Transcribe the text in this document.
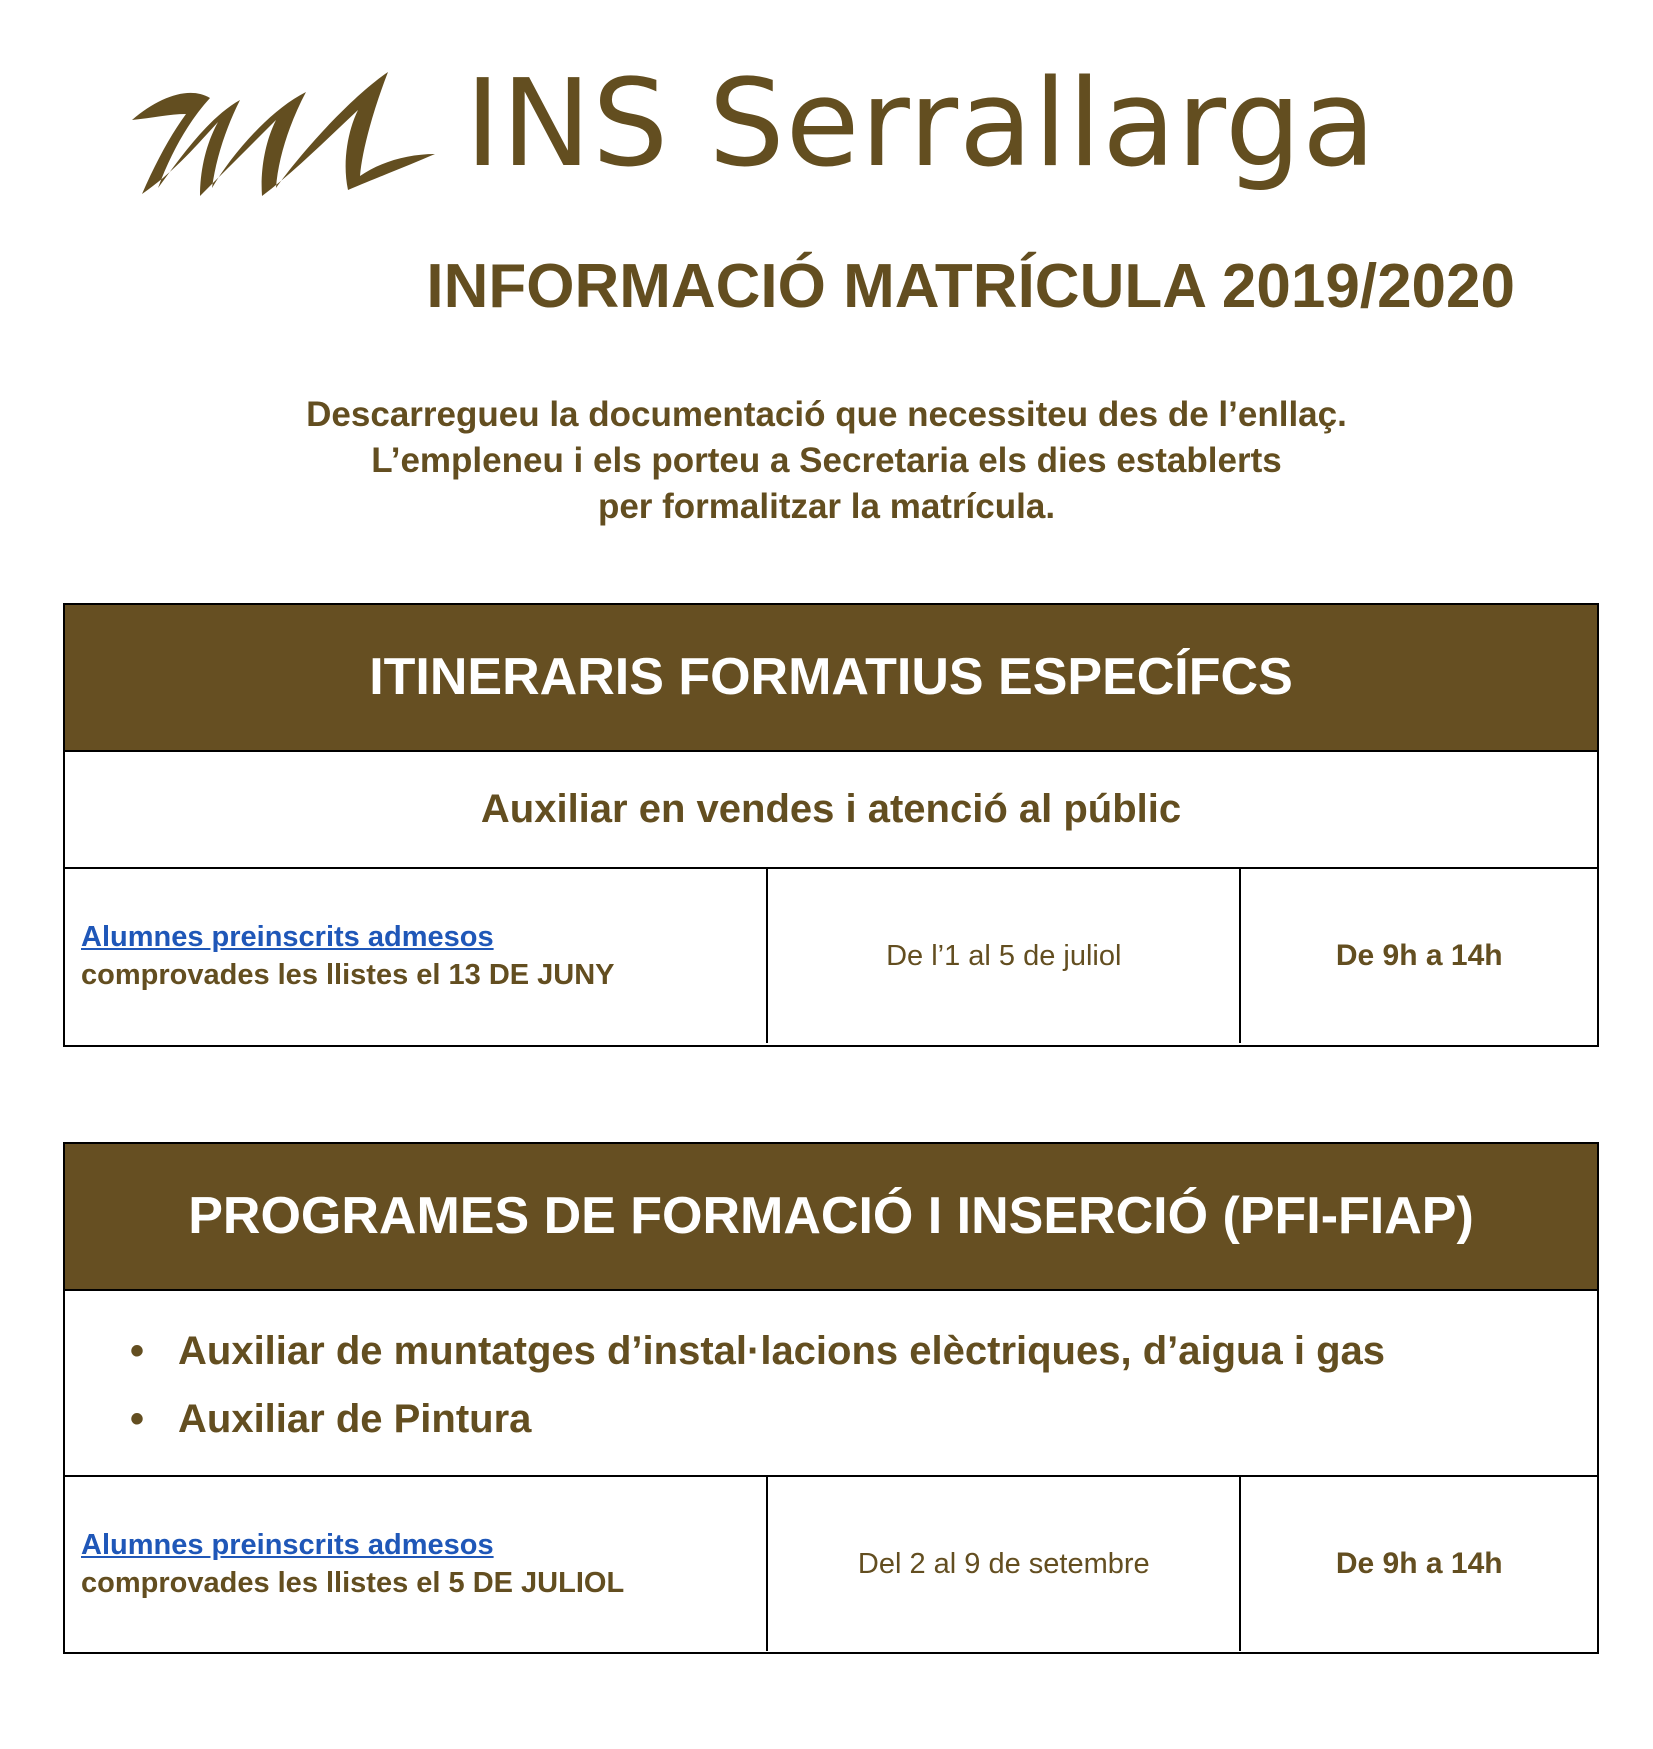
INS Serrallarga
INFORMACIÓ MATRÍCULA 2019/2020
Descarregueu la documentació que necessiteu des de l’enllaç.
L’empleneu i els porteu a Secretaria els dies establerts
per formalitzar la matrícula.
ITINERARIS FORMATIUS ESPECÍFCS
Auxiliar en vendes i atenció al públic
Alumnes preinscrits admesos
comprovades les llistes el 13 DE JUNY
De l’1 al 5 de juliol	De 9h a 14h
PROGRAMES DE FORMACIÓ I INSERCIÓ (PFI-FIAP)
• Auxiliar de muntatges d’instal·lacions elèctriques, d’aigua i gas
• Auxiliar de Pintura
Alumnes preinscrits admesos
comprovades les llistes el 5 DE JULIOL
Del 2 al 9 de setembre	De 9h a 14h
